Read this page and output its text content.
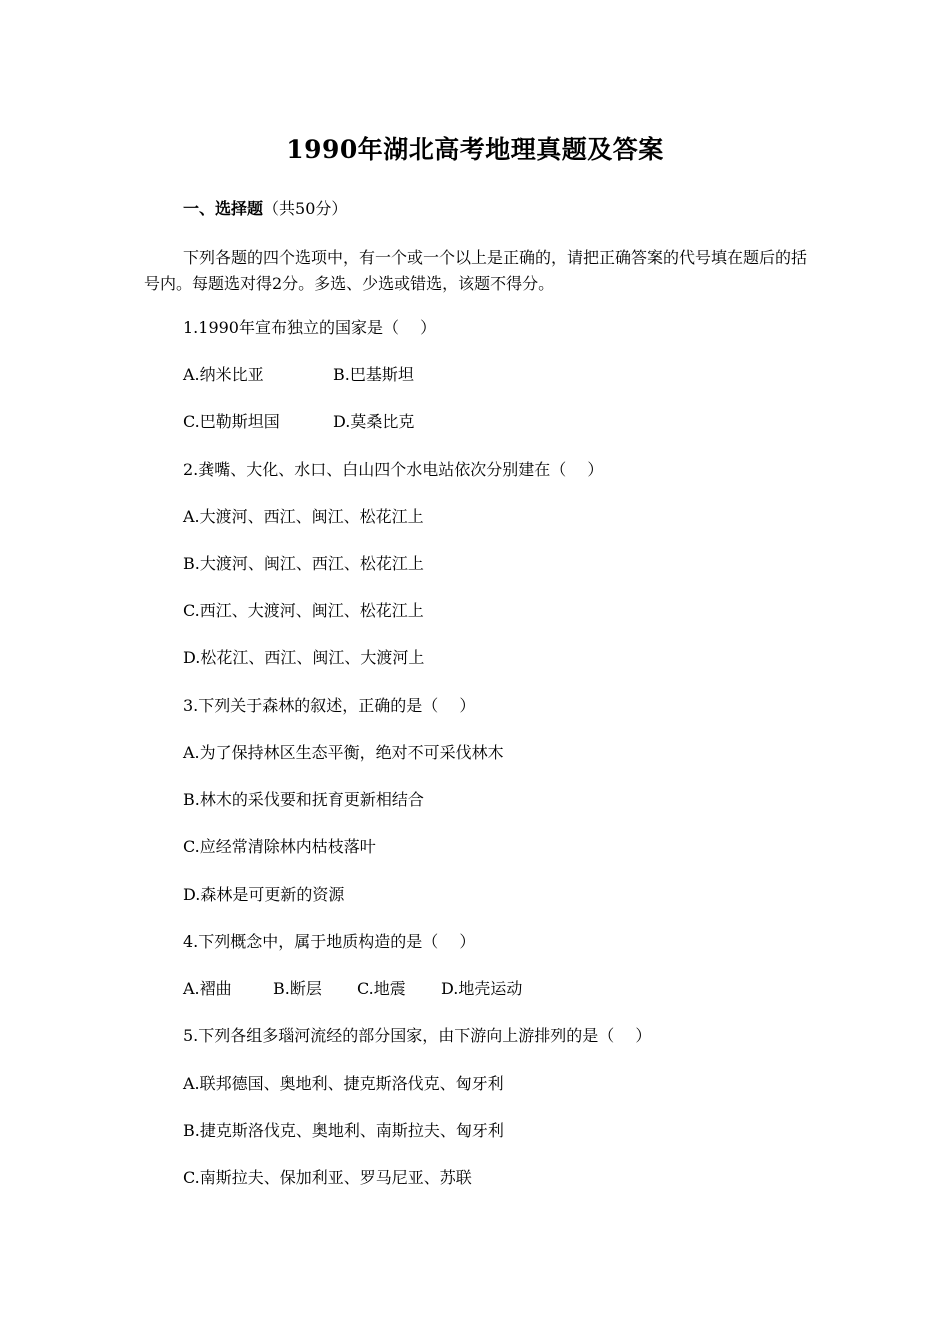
1990年湖北高考地理真题及答案
一、选择题（共50分）
下列各题的四个选项中，有一个或一个以上是正确的，请把正确答案的代号填在题后的括号内。每题选对得2分。多选、少选或错选，该题不得分。
1.1990年宣布独立的国家是（　 ）
A.纳米比亚	B.巴基斯坦
C.巴勒斯坦国	D.莫桑比克
2.龚嘴、大化、水口、白山四个水电站依次分别建在（　 ）
A.大渡河、西江、闽江、松花江上
B.大渡河、闽江、西江、松花江上
C.西江、大渡河、闽江、松花江上
D.松花江、西江、闽江、大渡河上
3.下列关于森林的叙述，正确的是（　 ）
A.为了保持林区生态平衡，绝对不可采伐林木
B.林木的采伐要和抚育更新相结合
C.应经常清除林内枯枝落叶
D.森林是可更新的资源
4.下列概念中，属于地质构造的是（　 ）
A.褶曲	B.断层 C.地震 D.地壳运动
5.下列各组多瑙河流经的部分国家，由下游向上游排列的是（　 ）
A.联邦德国、奥地利、捷克斯洛伐克、匈牙利
B.捷克斯洛伐克、奥地利、南斯拉夫、匈牙利
C.南斯拉夫、保加利亚、罗马尼亚、苏联
